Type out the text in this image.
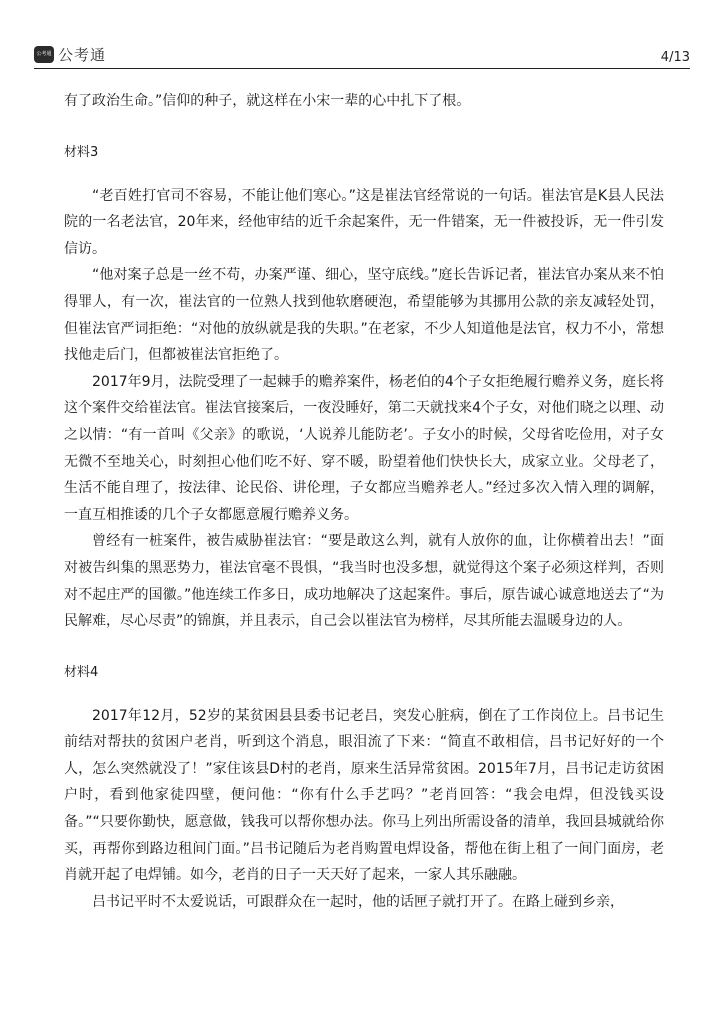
公考通 公考通	4/13

有了政治生命。”信仰的种子，就这样在小宋一辈的心中扎下了根。

材料3

“老百姓打官司不容易，不能让他们寒心。”这是崔法官经常说的一句话。崔法官是K县人民法院的一名老法官，20年来，经他审结的近千余起案件，无一件错案，无一件被投诉，无一件引发信访。

“他对案子总是一丝不苟，办案严谨、细心，坚守底线。”庭长告诉记者，崔法官办案从来不怕得罪人，有一次，崔法官的一位熟人找到他软磨硬泡，希望能够为其挪用公款的亲友减轻处罚，但崔法官严词拒绝：“对他的放纵就是我的失职。”在老家，不少人知道他是法官，权力不小，常想找他走后门，但都被崔法官拒绝了。

2017年9月，法院受理了一起棘手的赡养案件，杨老伯的4个子女拒绝履行赡养义务，庭长将这个案件交给崔法官。崔法官接案后，一夜没睡好，第二天就找来4个子女，对他们晓之以理、动之以情：“有一首叫《父亲》的歌说，‘人说养儿能防老’。子女小的时候，父母省吃俭用，对子女无微不至地关心，时刻担心他们吃不好、穿不暖，盼望着他们快快长大，成家立业。父母老了，生活不能自理了，按法律、论民俗、讲伦理，子女都应当赡养老人。”经过多次入情入理的调解，一直互相推诿的几个子女都愿意履行赡养义务。

曾经有一桩案件，被告威胁崔法官：“要是敢这么判，就有人放你的血，让你横着出去！”面对被告纠集的黑恶势力，崔法官毫不畏惧，“我当时也没多想，就觉得这个案子必须这样判，否则对不起庄严的国徽。”他连续工作多日，成功地解决了这起案件。事后，原告诚心诚意地送去了“为民解难，尽心尽责”的锦旗，并且表示，自己会以崔法官为榜样，尽其所能去温暖身边的人。

材料4

2017年12月，52岁的某贫困县县委书记老吕，突发心脏病，倒在了工作岗位上。吕书记生前结对帮扶的贫困户老肖，听到这个消息，眼泪流了下来：“简直不敢相信，吕书记好好的一个人，怎么突然就没了！”家住该县D村的老肖，原来生活异常贫困。2015年7月，吕书记走访贫困户时，看到他家徒四壁，便问他：“你有什么手艺吗？”老肖回答：“我会电焊，但没钱买设备。”“只要你勤快，愿意做，钱我可以帮你想办法。你马上列出所需设备的清单，我回县城就给你买，再帮你到路边租间门面。”吕书记随后为老肖购置电焊设备，帮他在街上租了一间门面房，老肖就开起了电焊铺。如今，老肖的日子一天天好了起来，一家人其乐融融。

吕书记平时不太爱说话，可跟群众在一起时，他的话匣子就打开了。在路上碰到乡亲，
